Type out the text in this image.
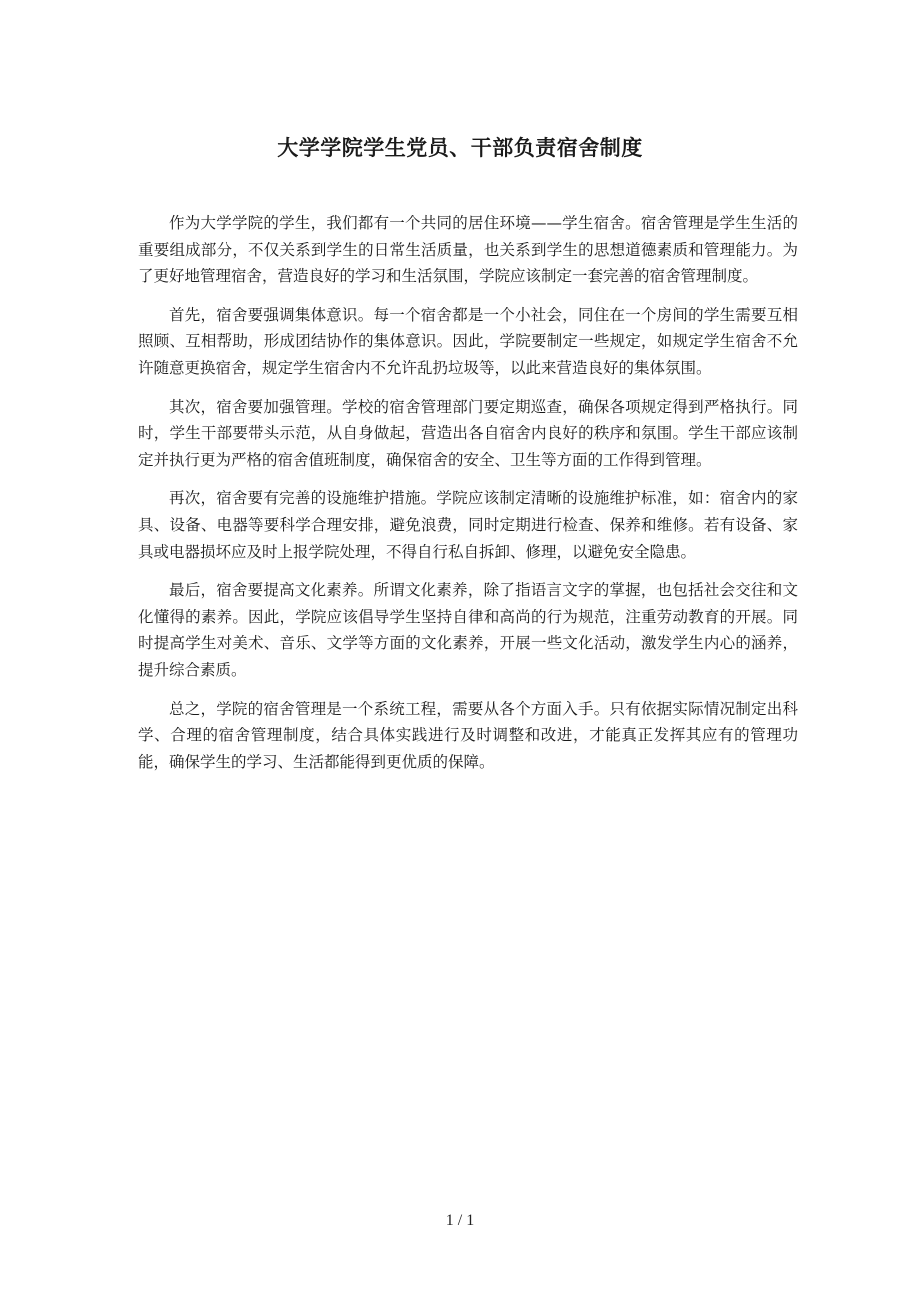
大学学院学生党员、干部负责宿舍制度

作为大学学院的学生，我们都有一个共同的居住环境——学生宿舍。宿舍管理是学生生活的重要组成部分，不仅关系到学生的日常生活质量，也关系到学生的思想道德素质和管理能力。为了更好地管理宿舍，营造良好的学习和生活氛围，学院应该制定一套完善的宿舍管理制度。

首先，宿舍要强调集体意识。每一个宿舍都是一个小社会，同住在一个房间的学生需要互相照顾、互相帮助，形成团结协作的集体意识。因此，学院要制定一些规定，如规定学生宿舍不允许随意更换宿舍，规定学生宿舍内不允许乱扔垃圾等，以此来营造良好的集体氛围。

其次，宿舍要加强管理。学校的宿舍管理部门要定期巡查，确保各项规定得到严格执行。同时，学生干部要带头示范，从自身做起，营造出各自宿舍内良好的秩序和氛围。学生干部应该制定并执行更为严格的宿舍值班制度，确保宿舍的安全、卫生等方面的工作得到管理。

再次，宿舍要有完善的设施维护措施。学院应该制定清晰的设施维护标准，如：宿舍内的家具、设备、电器等要科学合理安排，避免浪费，同时定期进行检查、保养和维修。若有设备、家具或电器损坏应及时上报学院处理，不得自行私自拆卸、修理，以避免安全隐患。

最后，宿舍要提高文化素养。所谓文化素养，除了指语言文字的掌握，也包括社会交往和文化懂得的素养。因此，学院应该倡导学生坚持自律和高尚的行为规范，注重劳动教育的开展。同时提高学生对美术、音乐、文学等方面的文化素养，开展一些文化活动，激发学生内心的涵养，提升综合素质。

总之，学院的宿舍管理是一个系统工程，需要从各个方面入手。只有依据实际情况制定出科学、合理的宿舍管理制度，结合具体实践进行及时调整和改进，才能真正发挥其应有的管理功能，确保学生的学习、生活都能得到更优质的保障。

1 / 1
